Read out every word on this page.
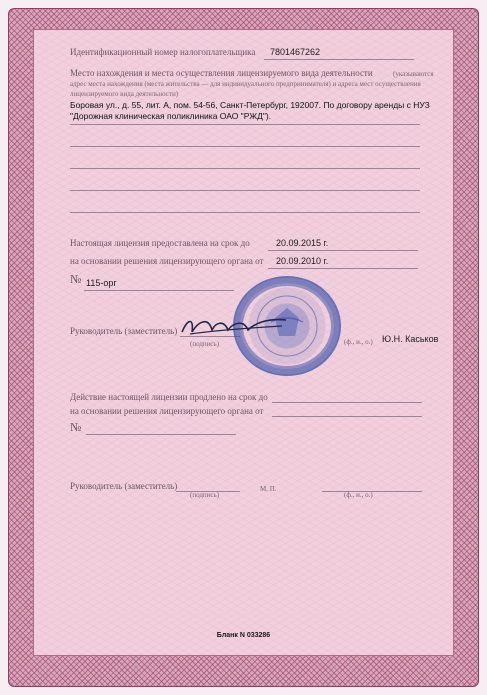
Идентификационный номер налогоплательщика 7801467262
Место нахождения и места осуществления лицензируемого вида деятельности	(указываются
адрес места нахождения (места жительства — для индивидуального предпринимателя) и адреса мест осуществления
лицензируемого вида деятельности)
Боровая ул., д. 55, лит. А, пом. 54-56, Санкт-Петербург, 192007. По договору аренды с НУЗ
"Дорожная клиническая поликлиника ОАО "РЖД").
Настоящая лицензия предоставлена на срок до	20.09.2015 г.
на основании решения лицензирующего органа от 20.09.2010 г.
№ 115-орг
Руководитель (заместитель)
(подпись)	(ф., и., о.) Ю.Н. Каськов
Действие настоящей лицензии продлено на срок до
на основании решения лицензирующего органа от
№
Руководитель (заместитель)
(подпись)
М. П.
(ф., и., о.)
Бланк N 033286
